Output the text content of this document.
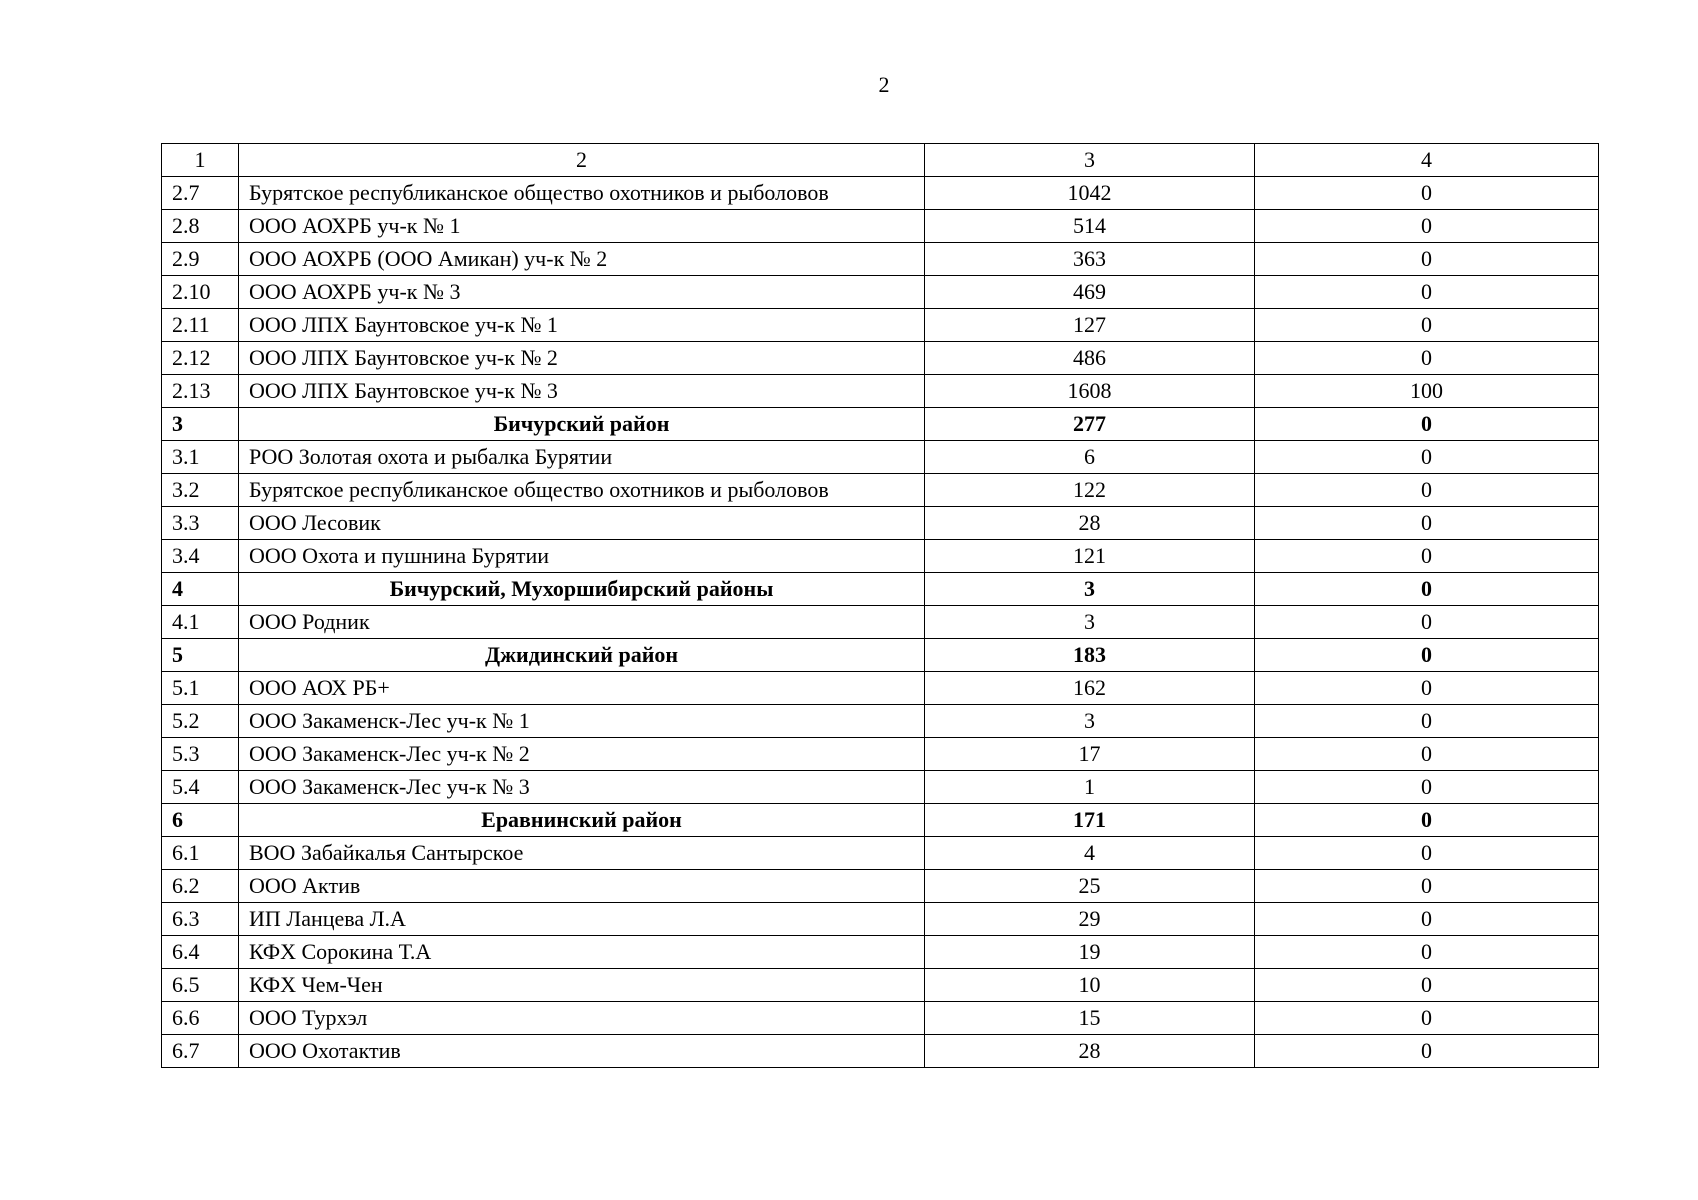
2
1	2	3	4
2.7	Бурятское республиканское общество охотников и рыболовов	1042	0
2.8	ООО АОХРБ уч-к № 1	514	0
2.9	ООО АОХРБ (ООО Амикан) уч-к № 2	363	0
2.10	ООО АОХРБ уч-к № 3	469	0
2.11	ООО ЛПХ Баунтовское уч-к № 1	127	0
2.12	ООО ЛПХ Баунтовское уч-к № 2	486	0
2.13	ООО ЛПХ Баунтовское уч-к № 3	1608	100
3	Бичурский район	277	0
3.1	РОО Золотая охота и рыбалка Бурятии	6	0
3.2	Бурятское республиканское общество охотников и рыболовов	122	0
3.3	ООО Лесовик	28	0
3.4	ООО Охота и пушнина Бурятии	121	0
4	Бичурский, Мухоршибирский районы	3	0
4.1	ООО Родник	3	0
5	Джидинский район	183	0
5.1	ООО АОХ РБ+	162	0
5.2	ООО Закаменск-Лес уч-к № 1	3	0
5.3	ООО Закаменск-Лес уч-к № 2	17	0
5.4	ООО Закаменск-Лес уч-к № 3	1	0
6	Еравнинский район	171	0
6.1	ВОО Забайкалья Сантырское	4	0
6.2	ООО Актив	25	0
6.3	ИП Ланцева Л.А	29	0
6.4	КФХ Сорокина Т.А	19	0
6.5	КФХ Чем-Чен	10	0
6.6	ООО Турхэл	15	0
6.7	ООО Охотактив	28	0
